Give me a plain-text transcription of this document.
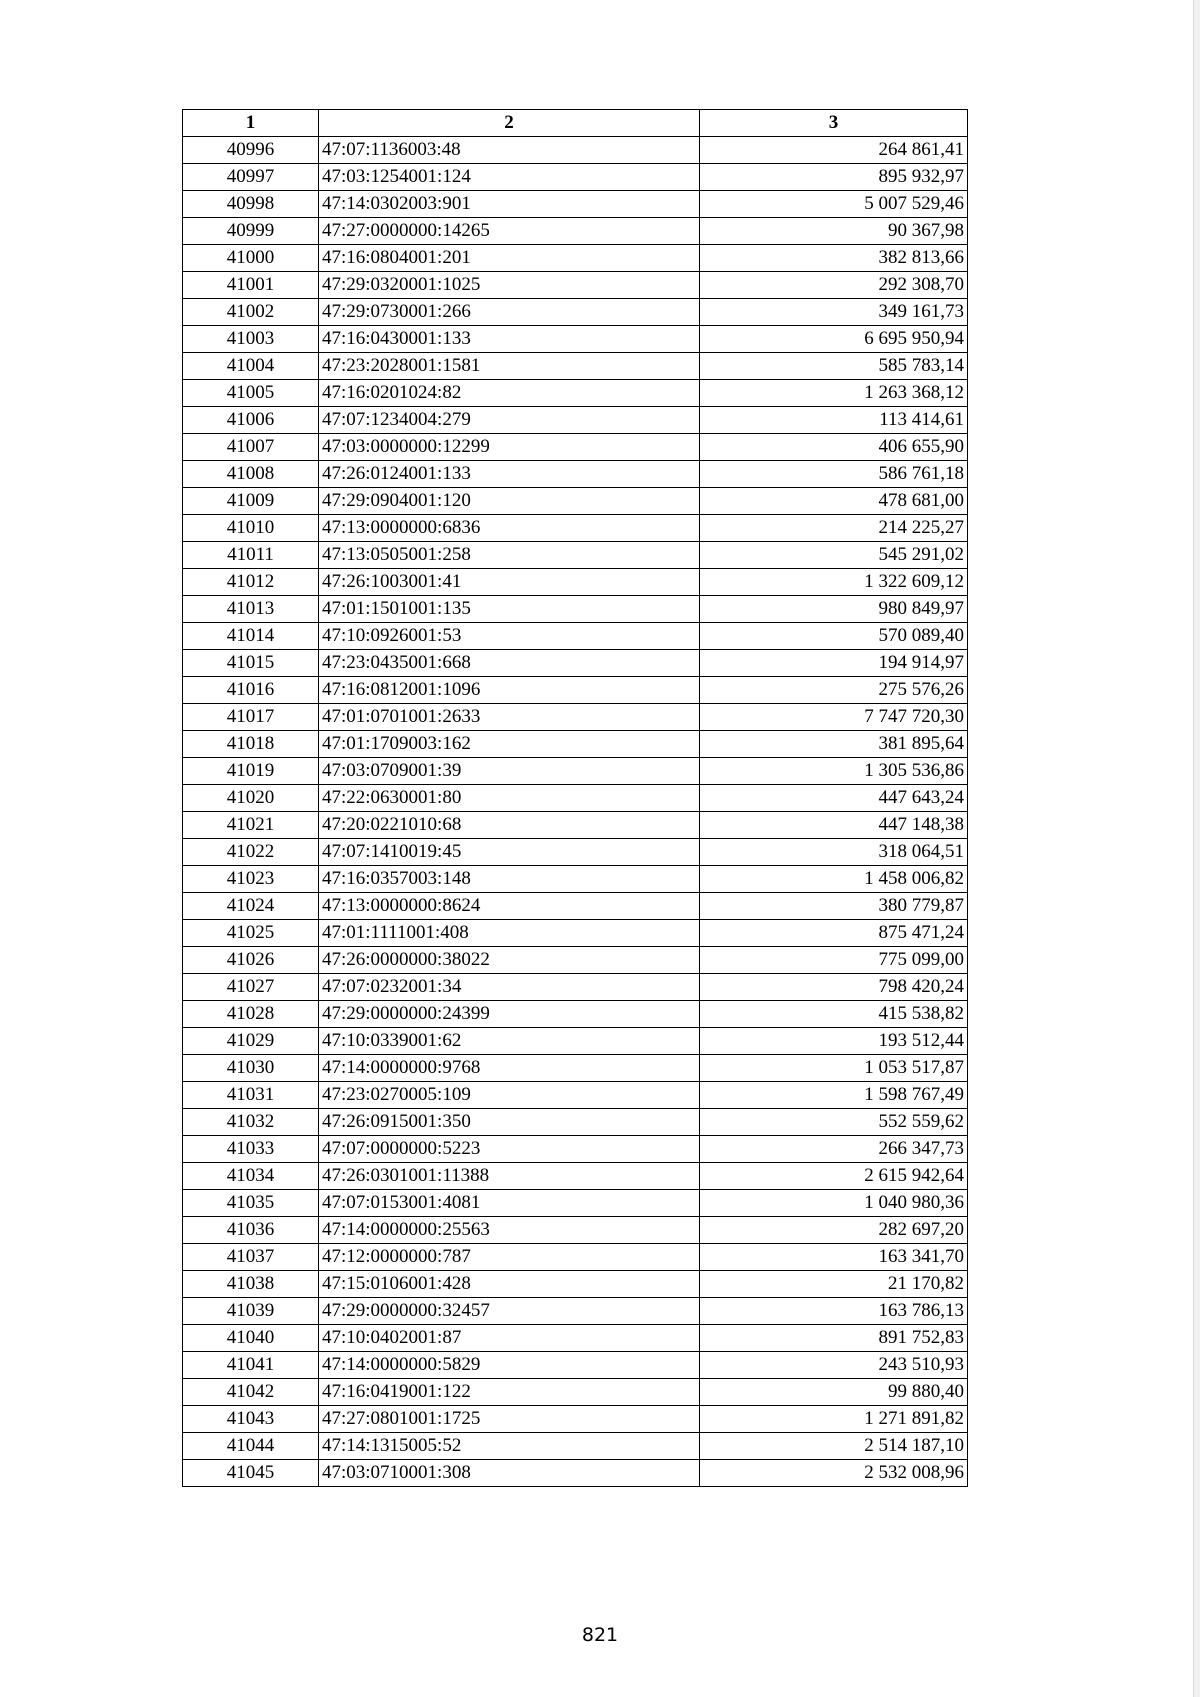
1	2	3
40996	47:07:1136003:48	264 861,41
40997	47:03:1254001:124	895 932,97
40998	47:14:0302003:901	5 007 529,46
40999	47:27:0000000:14265	90 367,98
41000	47:16:0804001:201	382 813,66
41001	47:29:0320001:1025	292 308,70
41002	47:29:0730001:266	349 161,73
41003	47:16:0430001:133	6 695 950,94
41004	47:23:2028001:1581	585 783,14
41005	47:16:0201024:82	1 263 368,12
41006	47:07:1234004:279	113 414,61
41007	47:03:0000000:12299	406 655,90
41008	47:26:0124001:133	586 761,18
41009	47:29:0904001:120	478 681,00
41010	47:13:0000000:6836	214 225,27
41011	47:13:0505001:258	545 291,02
41012	47:26:1003001:41	1 322 609,12
41013	47:01:1501001:135	980 849,97
41014	47:10:0926001:53	570 089,40
41015	47:23:0435001:668	194 914,97
41016	47:16:0812001:1096	275 576,26
41017	47:01:0701001:2633	7 747 720,30
41018	47:01:1709003:162	381 895,64
41019	47:03:0709001:39	1 305 536,86
41020	47:22:0630001:80	447 643,24
41021	47:20:0221010:68	447 148,38
41022	47:07:1410019:45	318 064,51
41023	47:16:0357003:148	1 458 006,82
41024	47:13:0000000:8624	380 779,87
41025	47:01:1111001:408	875 471,24
41026	47:26:0000000:38022	775 099,00
41027	47:07:0232001:34	798 420,24
41028	47:29:0000000:24399	415 538,82
41029	47:10:0339001:62	193 512,44
41030	47:14:0000000:9768	1 053 517,87
41031	47:23:0270005:109	1 598 767,49
41032	47:26:0915001:350	552 559,62
41033	47:07:0000000:5223	266 347,73
41034	47:26:0301001:11388	2 615 942,64
41035	47:07:0153001:4081	1 040 980,36
41036	47:14:0000000:25563	282 697,20
41037	47:12:0000000:787	163 341,70
41038	47:15:0106001:428	21 170,82
41039	47:29:0000000:32457	163 786,13
41040	47:10:0402001:87	891 752,83
41041	47:14:0000000:5829	243 510,93
41042	47:16:0419001:122	99 880,40
41043	47:27:0801001:1725	1 271 891,82
41044	47:14:1315005:52	2 514 187,10
41045	47:03:0710001:308	2 532 008,96
821
